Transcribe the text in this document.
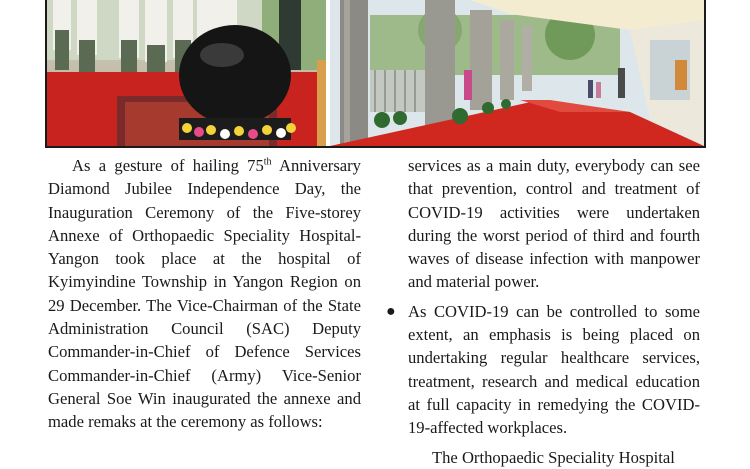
As a gesture of hailing 75th Anniversary Diamond Jubilee Independence Day, the Inauguration Ceremony of the Five-storey Annexe of Orthopaedic Speciality Hospital-Yangon took place at the hospital of Kyimyindine Township in Yangon Region on 29 December. The Vice-Chairman of the State Administration Council (SAC) Deputy Commander-in-Chief of Defence Services Commander-in-Chief (Army) Vice-Senior General Soe Win inaugurated the annexe and made remaks at the ceremony as follows:

services as a main duty, everybody can see that prevention, control and treatment of COVID-19 activities were undertaken during the worst period of third and fourth waves of disease infection with manpower and material power.

● As COVID-19 can be controlled to some extent, an emphasis is being placed on undertaking regular healthcare services, treatment, research and medical education at full capacity in remedying the COVID-19-affected workplaces.

The Orthopaedic Speciality Hospital
